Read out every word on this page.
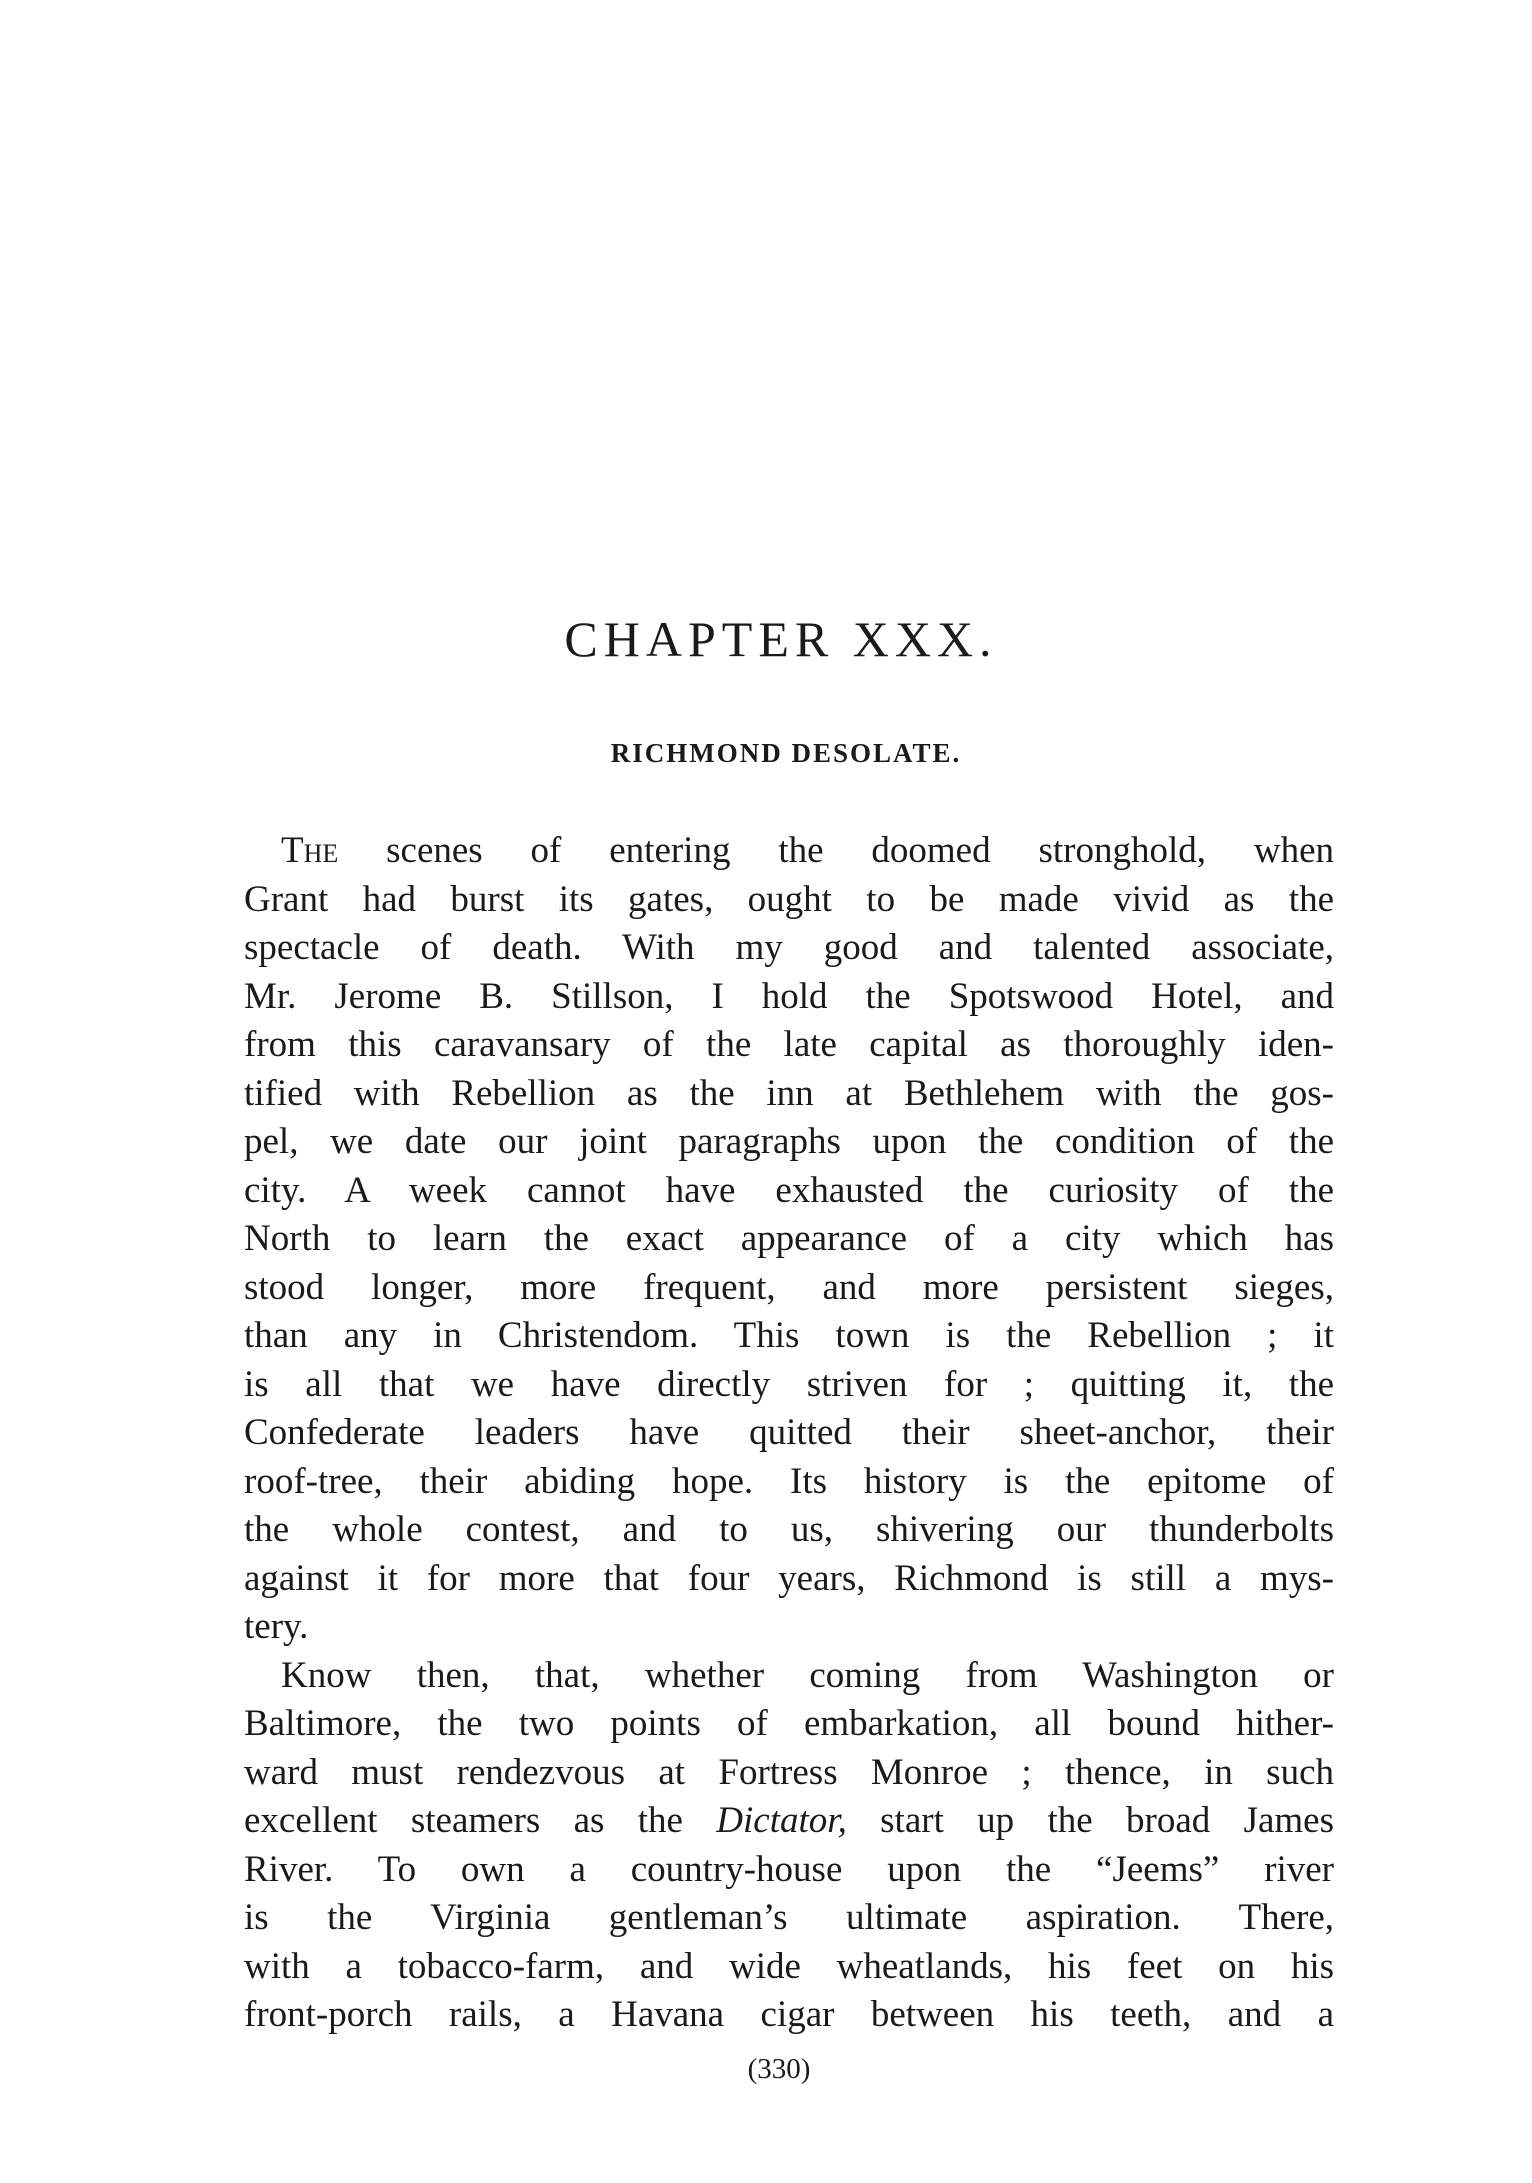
CHAPTER XXX.
RICHMOND DESOLATE.

The scenes of entering the doomed stronghold, when
Grant had burst its gates, ought to be made vivid as the
spectacle of death. With my good and talented associate,
Mr. Jerome B. Stillson, I hold the Spotswood Hotel, and
from this caravansary of the late capital as thoroughly iden-
tified with Rebellion as the inn at Bethlehem with the gos-
pel, we date our joint paragraphs upon the condition of the
city. A week cannot have exhausted the curiosity of the
North to learn the exact appearance of a city which has
stood longer, more frequent, and more persistent sieges,
than any in Christendom. This town is the Rebellion ; it
is all that we have directly striven for ; quitting it, the
Confederate leaders have quitted their sheet-anchor, their
roof-tree, their abiding hope. Its history is the epitome of
the whole contest, and to us, shivering our thunderbolts
against it for more that four years, Richmond is still a mys-
tery.

Know then, that, whether coming from Washington or
Baltimore, the two points of embarkation, all bound hither-
ward must rendezvous at Fortress Monroe ; thence, in such
excellent steamers as the Dictator, start up the broad James
River. To own a country-house upon the “Jeems” river
is the Virginia gentleman’s ultimate aspiration. There,
with a tobacco-farm, and wide wheatlands, his feet on his
front-porch rails, a Havana cigar between his teeth, and a

(330)
